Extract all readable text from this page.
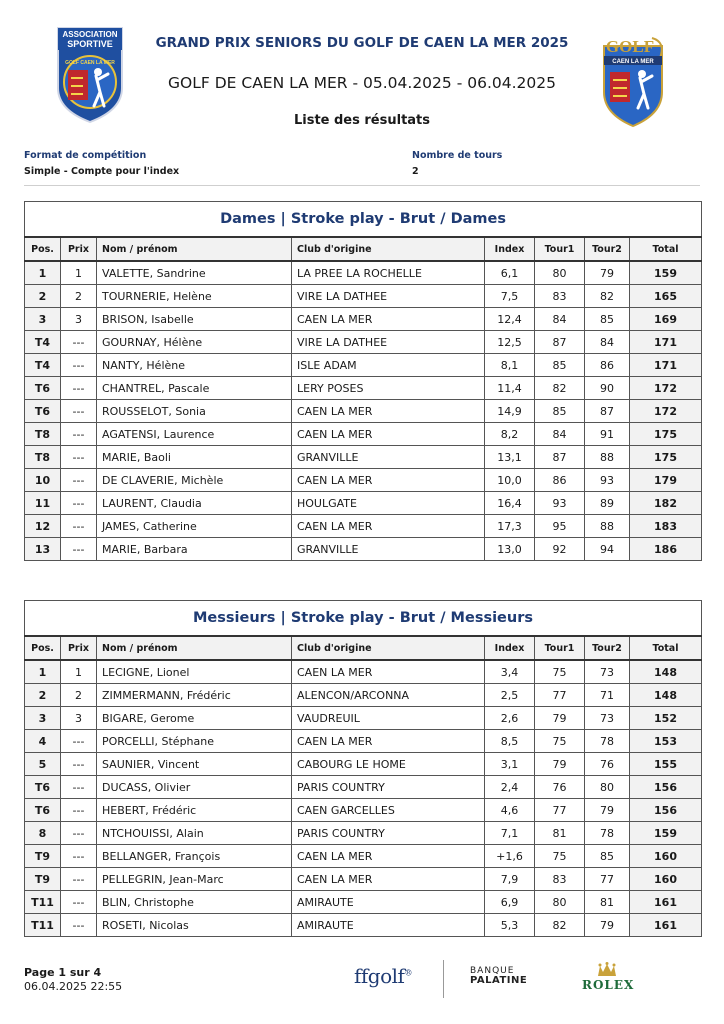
ASSOCIATION
SPORTIVE
GOLF CAEN LA MER
GRAND PRIX SENIORS DU GOLF DE CAEN LA MER 2025
GOLF DE CAEN LA MER - 05.04.2025 - 06.04.2025
Liste des résultats
GOLF
CAEN LA MER
Format de compétition
Simple - Compte pour l'index
Nombre de tours
2
Dames | Stroke play - Brut / Dames							
Pos.	Prix	Nom / prénom	Club d'origine	Index	Tour1	Tour2	Total
1	1	VALETTE, Sandrine	LA PREE LA ROCHELLE	6,1	80	79	159
2	2	TOURNERIE, Helène	VIRE LA DATHEE	7,5	83	82	165
3	3	BRISON, Isabelle	CAEN LA MER	12,4	84	85	169
T4	---	GOURNAY, Hélène	VIRE LA DATHEE	12,5	87	84	171
T4	---	NANTY, Hélène	ISLE ADAM	8,1	85	86	171
T6	---	CHANTREL, Pascale	LERY POSES	11,4	82	90	172
T6	---	ROUSSELOT, Sonia	CAEN LA MER	14,9	85	87	172
T8	---	AGATENSI, Laurence	CAEN LA MER	8,2	84	91	175
T8	---	MARIE, Baoli	GRANVILLE	13,1	87	88	175
10	---	DE CLAVERIE, Michèle	CAEN LA MER	10,0	86	93	179
11	---	LAURENT, Claudia	HOULGATE	16,4	93	89	182
12	---	JAMES, Catherine	CAEN LA MER	17,3	95	88	183
13	---	MARIE, Barbara	GRANVILLE	13,0	92	94	186
Messieurs | Stroke play - Brut / Messieurs							
Pos.	Prix	Nom / prénom	Club d'origine	Index	Tour1	Tour2	Total
1	1	LECIGNE, Lionel	CAEN LA MER	3,4	75	73	148
2	2	ZIMMERMANN, Frédéric	ALENCON/ARCONNA	2,5	77	71	148
3	3	BIGARE, Gerome	VAUDREUIL	2,6	79	73	152
4	---	PORCELLI, Stéphane	CAEN LA MER	8,5	75	78	153
5	---	SAUNIER, Vincent	CABOURG LE HOME	3,1	79	76	155
T6	---	DUCASS, Olivier	PARIS COUNTRY	2,4	76	80	156
T6	---	HEBERT, Frédéric	CAEN GARCELLES	4,6	77	79	156
8	---	NTCHOUISSI, Alain	PARIS COUNTRY	7,1	81	78	159
T9	---	BELLANGER, François	CAEN LA MER	+1,6	75	85	160
T9	---	PELLEGRIN, Jean-Marc	CAEN LA MER	7,9	83	77	160
T11	---	BLIN, Christophe	AMIRAUTE	6,9	80	81	161
T11	---	ROSETI, Nicolas	AMIRAUTE	5,3	82	79	161
Page 1 sur 4
06.04.2025 22:55	ffgolf®	BANQUE
PALATINE	ROLEX
